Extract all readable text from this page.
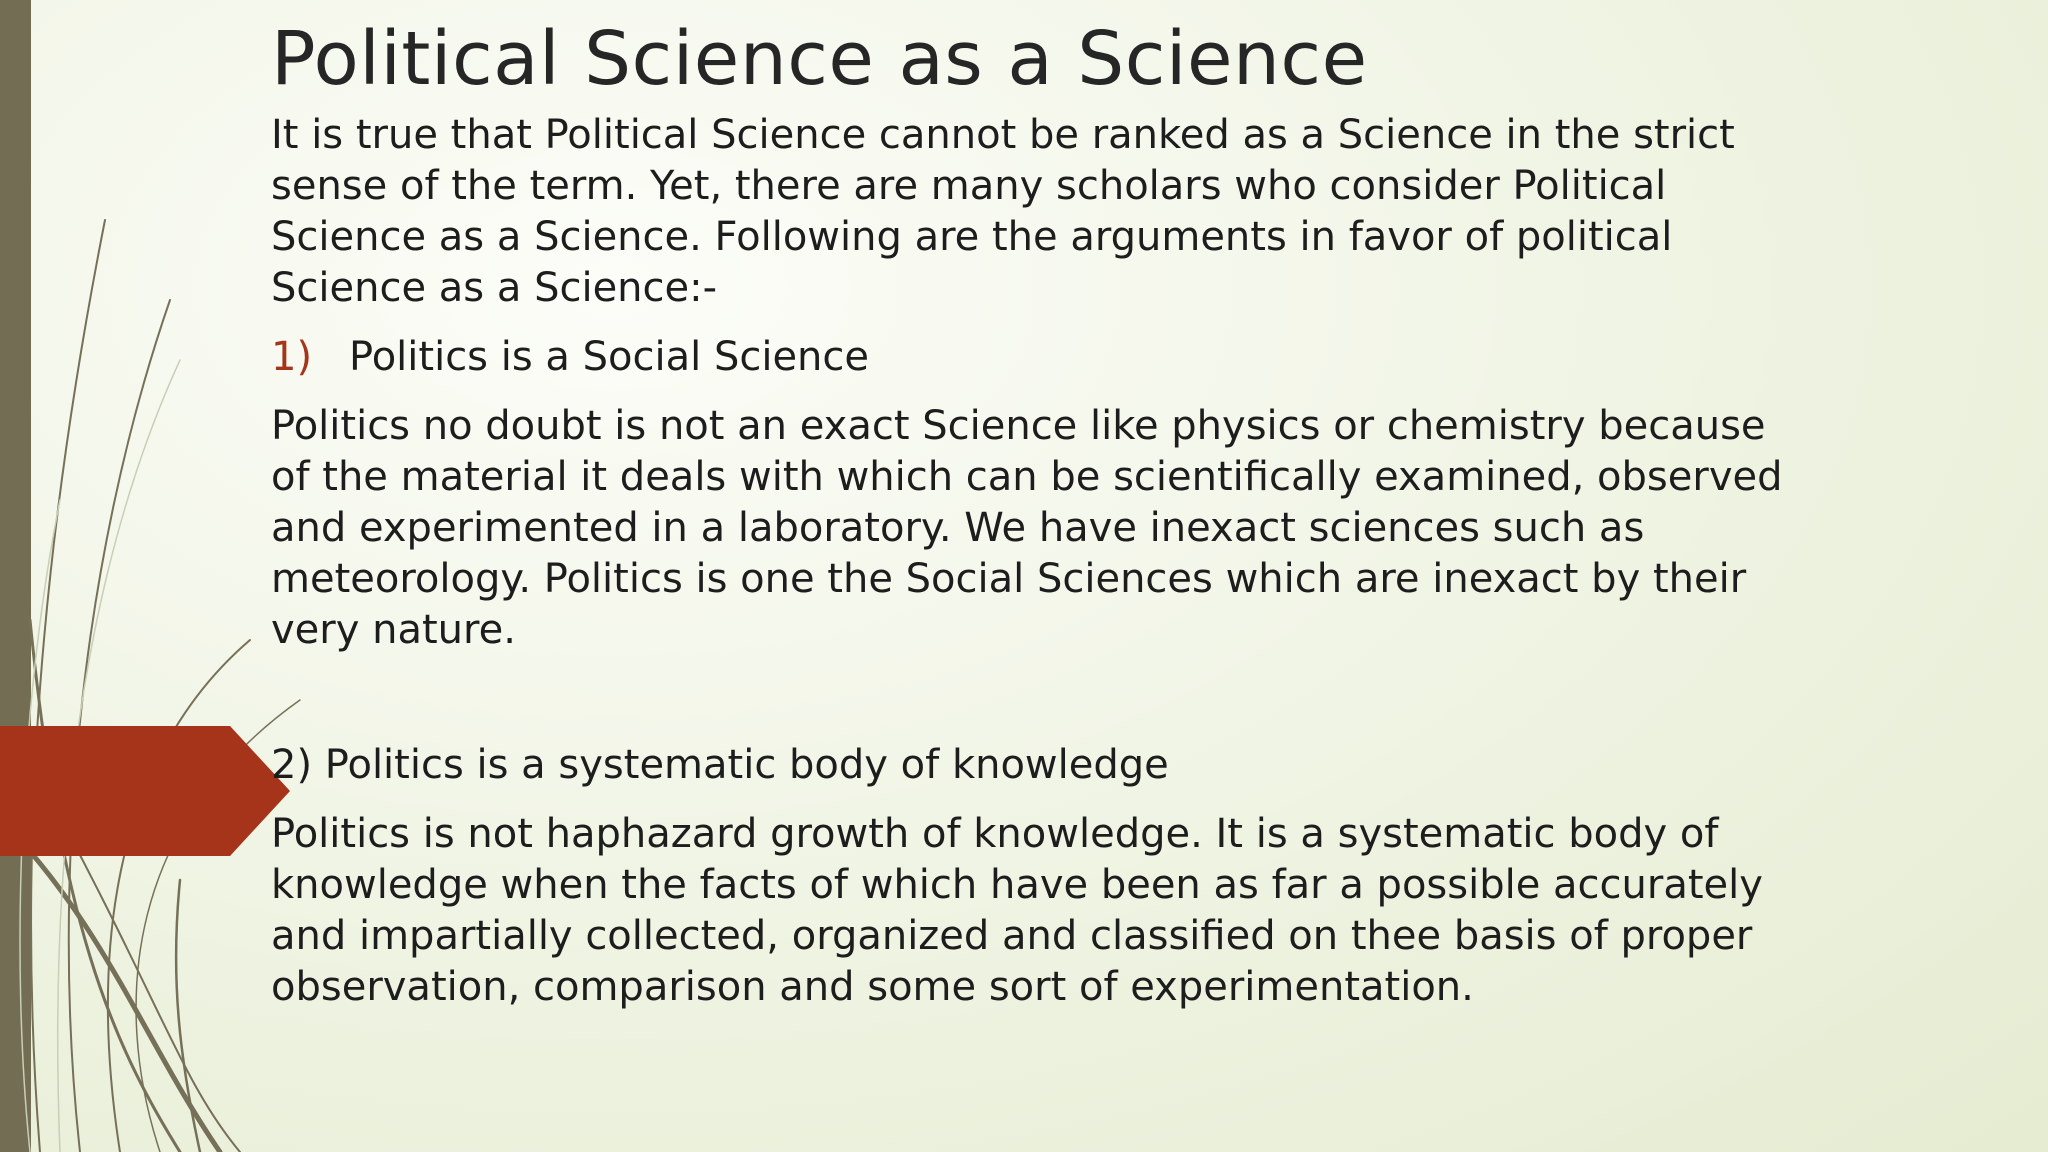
Political Science as a Science

It is true that Political Science cannot be ranked as a Science in the strict sense of the term. Yet, there are many scholars who consider Political Science as a Science. Following are the arguments in favor of political Science as a Science:-

1) Politics is a Social Science

Politics no doubt is not an exact Science like physics or chemistry because of the material it deals with which can be scientifically examined, observed and experimented in a laboratory. We have inexact sciences such as meteorology. Politics is one the Social Sciences which are inexact by their very nature.

2) Politics is a systematic body of knowledge

Politics is not haphazard growth of knowledge. It is a systematic body of knowledge when the facts of which have been as far a possible accurately and impartially collected, organized and classified on thee basis of proper observation, comparison and some sort of experimentation.
